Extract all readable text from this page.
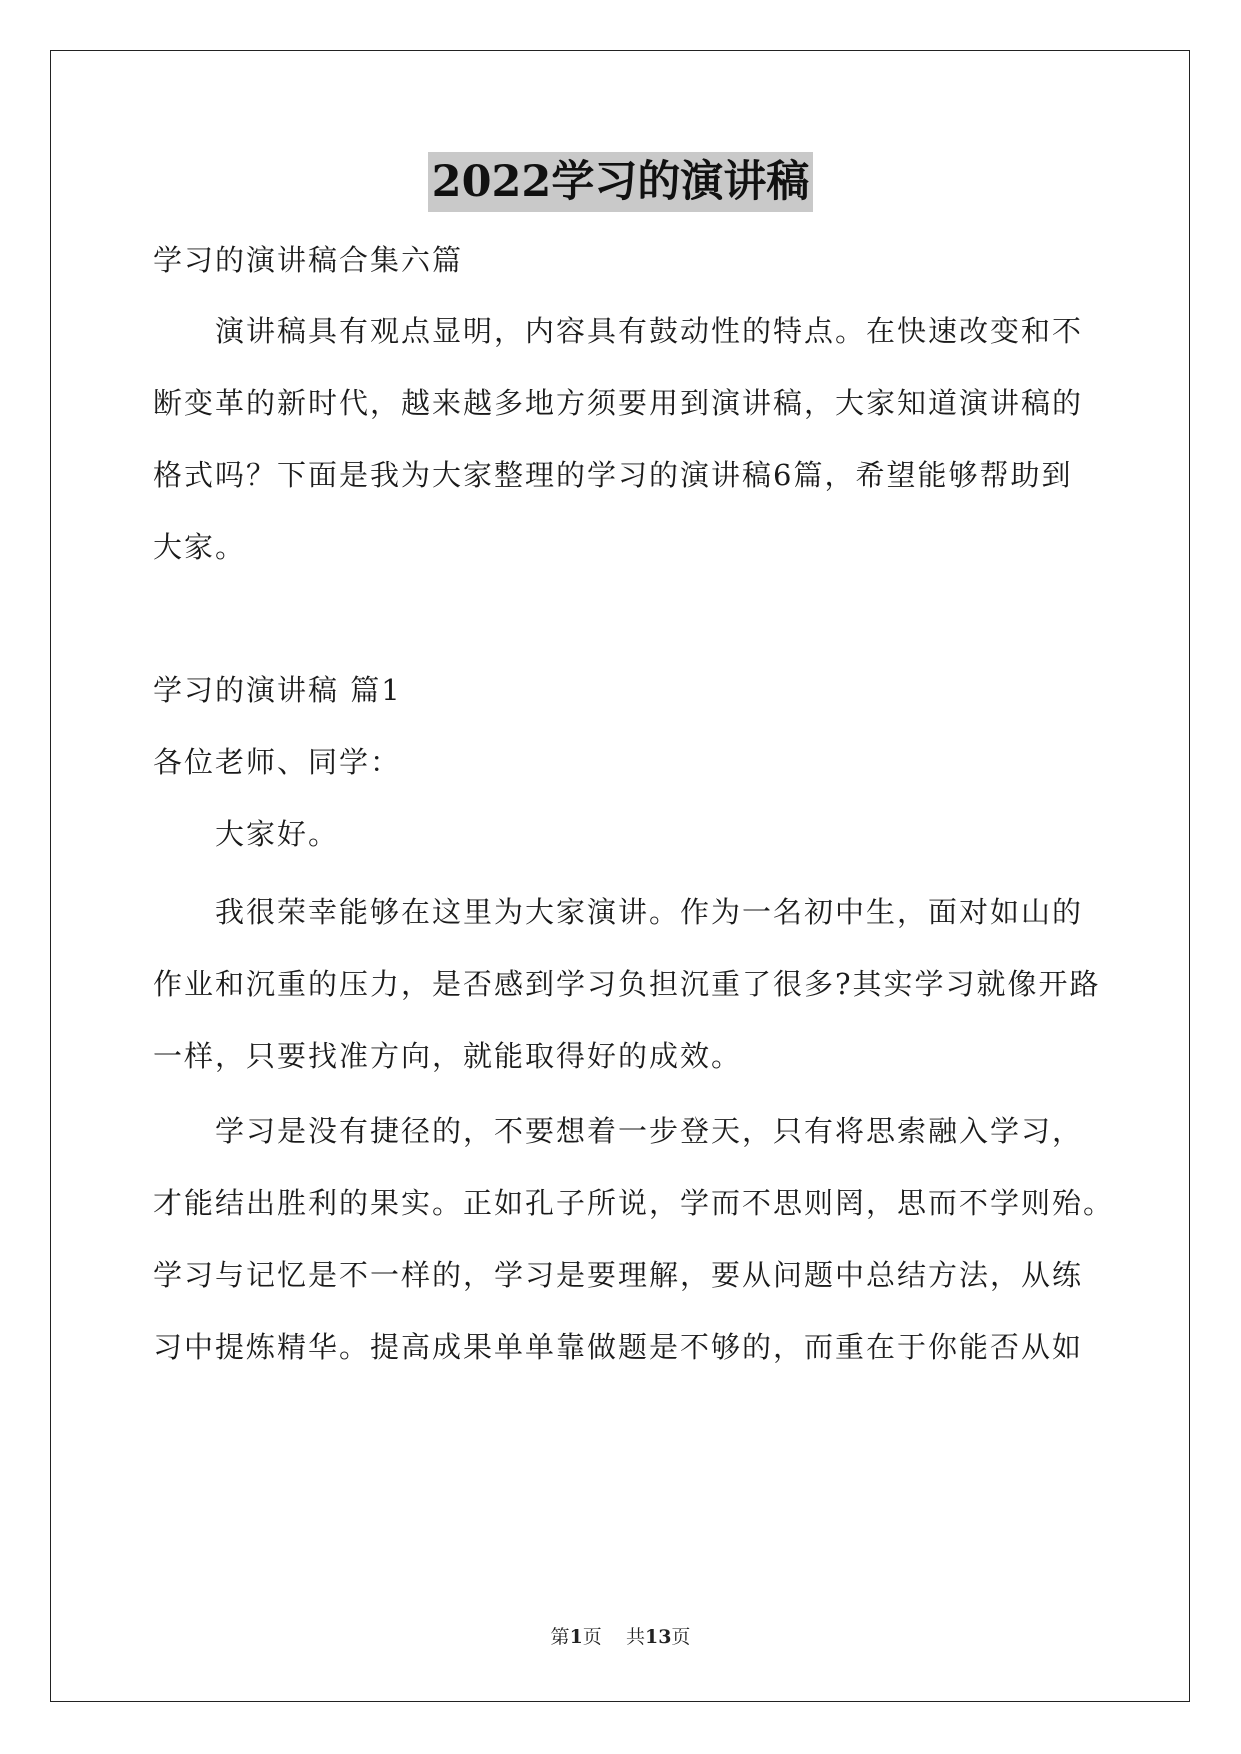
2022学习的演讲稿
学习的演讲稿合集六篇
演讲稿具有观点显明，内容具有鼓动性的特点。在快速改变和不
断变革的新时代，越来越多地方须要用到演讲稿，大家知道演讲稿的
格式吗？下面是我为大家整理的学习的演讲稿6篇，希望能够帮助到
大家。
学习的演讲稿 篇1
各位老师、同学：
大家好。
我很荣幸能够在这里为大家演讲。作为一名初中生，面对如山的
作业和沉重的压力，是否感到学习负担沉重了很多?其实学习就像开路
一样，只要找准方向，就能取得好的成效。
学习是没有捷径的，不要想着一步登天，只有将思索融入学习，
才能结出胜利的果实。正如孔子所说，学而不思则罔，思而不学则殆。
学习与记忆是不一样的，学习是要理解，要从问题中总结方法，从练
习中提炼精华。提高成果单单靠做题是不够的，而重在于你能否从如
第1页    共13页
